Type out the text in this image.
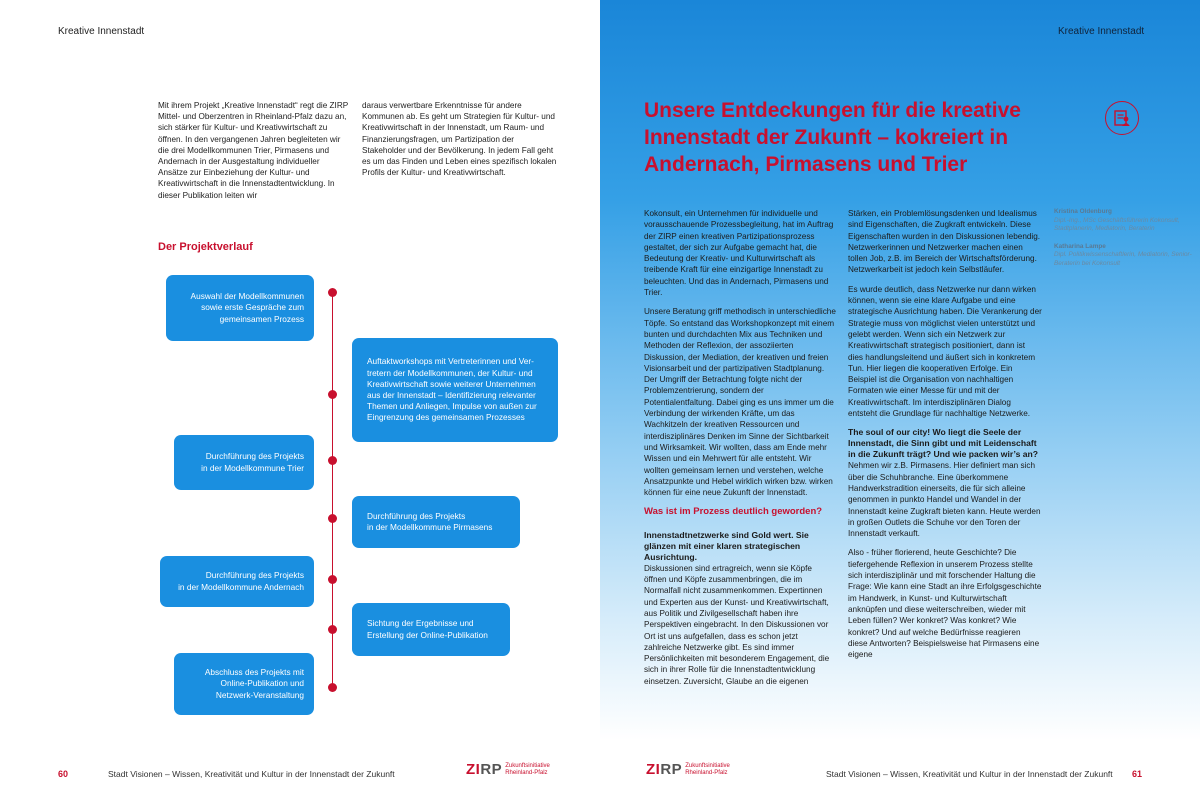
Kreative Innenstadt

Mit ihrem Projekt „Kreative Innenstadt“ regt die ZIRP Mittel- und Oberzentren in Rheinland-Pfalz dazu an, sich stärker für Kultur- und Kreativwirtschaft zu öffnen. In den vergangenen Jahren begleiteten wir die drei Modellkommunen Trier, Pirmasens und Andernach in der Ausgestaltung individueller Ansätze zur Einbeziehung der Kultur- und Kreativwirtschaft in die Innenstadtentwicklung. In dieser Publikation leiten wir

daraus verwertbare Erkenntnisse für andere Kommunen ab. Es geht um Strategien für Kultur- und Kreativwirtschaft in der Innenstadt, um Raum- und Finanzierungsfragen, um Partizipation der Stakeholder und der Bevölkerung. In jedem Fall geht es um das Finden und Leben eines spezifisch lokalen Profils der Kultur- und Kreativwirtschaft.

Der Projektverlauf
Auswahl der Modellkommunen
sowie erste Gespräche zum
gemeinsamen Prozess
Auftaktworkshops mit Vertreterinnen und Ver-
tretern der Modellkommunen, der Kultur- und
Kreativwirtschaft sowie weiterer Unternehmen
aus der Innenstadt – Identifizierung relevanter
Themen und Anliegen, Impulse von außen zur
Eingrenzung des gemeinsamen Prozesses
Durchführung des Projekts
in der Modellkommune Trier
Durchführung des Projekts
in der Modellkommune Pirmasens
Durchführung des Projekts
in der Modellkommune Andernach
Sichtung der Ergebnisse und
Erstellung der Online-Publikation
Abschluss des Projekts mit
Online-Publikation und
Netzwerk-Veranstaltung
60	Stadt Visionen – Wissen, Kreativität und Kultur in der Innenstadt der Zukunft	ZIRP Zukunftsinitiative
Rheinland-Pfalz
Kreative Innenstadt
Unsere Entdeckungen für die kreative Innenstadt der Zukunft – kokreiert in Andernach, Pirmasens und Trier

Kokonsult, ein Unternehmen für individuelle und vorausschauende Prozessbegleitung, hat im Auftrag der ZIRP einen kreativen Partizipationsprozess gestaltet, der sich zur Aufgabe gemacht hat, die Bedeutung der Kreativ- und Kulturwirtschaft als treibende Kraft für eine einzigartige Innenstadt zu beleuchten. Und das in Andernach, Pirmasens und Trier.

Unsere Beratung griff methodisch in unterschiedliche Töpfe. So entstand das Workshopkonzept mit einem bunten und durchdachten Mix aus Techniken und Methoden der Reflexion, der assoziierten Diskussion, der Mediation, der kreativen und freien Visionsarbeit und der partizipativen Stadtplanung. Der Umgriff der Betrachtung folgte nicht der Problemzentrierung, sondern der Potentialentfaltung. Dabei ging es uns immer um die Verbindung der wirkenden Kräfte, um das Wachkitzeln der kreativen Ressourcen und interdisziplinäres Denken im Sinne der Sichtbarkeit und Wirksamkeit. Wir wollten, dass am Ende mehr Wissen und ein Mehrwert für alle entsteht. Wir wollten gemeinsam lernen und verstehen, welche Ansatzpunkte und Hebel wirklich wirken bzw. wirken können für eine neue Zukunft der Innenstadt.

Was ist im Prozess deutlich geworden?

Innenstadtnetzwerke sind Gold wert. Sie glänzen mit einer klaren strategischen Ausrichtung.

Diskussionen sind ertragreich, wenn sie Köpfe öffnen und Köpfe zusammenbringen, die im Normalfall nicht zusammenkommen. Expertinnen und Experten aus der Kunst- und Kreativwirtschaft, aus Politik und Zivilgesellschaft haben ihre Perspektiven eingebracht. In den Diskussionen vor Ort ist uns aufgefallen, dass es schon jetzt zahlreiche Netzwerke gibt. Es sind immer Persönlichkeiten mit besonderem Engagement, die sich in ihrer Rolle für die Innenstadtentwicklung einsetzen. Zuversicht, Glaube an die eigenen

Stärken, ein Problemlösungsdenken und Idealismus sind Eigenschaften, die Zugkraft entwickeln. Diese Eigenschaften wurden in den Diskussionen lebendig. Netzwerkerinnen und Netzwerker machen einen tollen Job, z.B. im Bereich der Wirtschaftsförderung. Netzwerkarbeit ist jedoch kein Selbstläufer.

Es wurde deutlich, dass Netzwerke nur dann wirken können, wenn sie eine klare Aufgabe und eine strategische Ausrichtung haben. Die Verankerung der Strategie muss von möglichst vielen unterstützt und gelebt werden. Wenn sich ein Netzwerk zur Kreativwirtschaft strategisch positioniert, dann ist dies handlungsleitend und äußert sich in konkretem Tun. Hier liegen die kooperativen Erfolge. Ein Beispiel ist die Organisation von nachhaltigen Formaten wie einer Messe für und mit der Kreativwirtschaft. Im interdisziplinären Dialog entsteht die Grundlage für nachhaltige Netzwerke.

The soul of our city! Wo liegt die Seele der Innenstadt, die Sinn gibt und mit Leidenschaft in die Zukunft trägt? Und wie packen wir’s an?

Nehmen wir z.B. Pirmasens. Hier definiert man sich über die Schuhbranche. Eine überkommene Handwerkstradition einerseits, die für sich alleine genommen in punkto Handel und Wandel in der Innenstadt keine Zugkraft bieten kann. Heute werden in großen Outlets die Schuhe vor den Toren der Innenstadt verkauft.

Also - früher florierend, heute Geschichte? Die tiefergehende Reflexion in unserem Prozess stellte sich interdisziplinär und mit forschender Haltung die Frage: Wie kann eine Stadt an ihre Erfolgsgeschichte im Handwerk, in Kunst- und Kulturwirtschaft anknüpfen und diese weiterschreiben, wieder mit Leben füllen? Wer konkret? Was konkret? Wie konkret? Und auf welche Bedürfnisse reagieren diese Antworten? Beispielsweise hat Pirmasens eine eigene

Kristina Oldenburg
Dipl.-Ing., MSc Geschäftsführerin Kokonsult, Stadtplanerin, Mediatorin, Beraterin
Katharina Lampe
Dipl. Politikwissenschaftlerin, Mediatorin, Senior-Beraterin bei Kokonsult
ZIRP Zukunftsinitiative
Rheinland-Pfalz	Stadt Visionen – Wissen, Kreativität und Kultur in der Innenstadt der Zukunft 61
